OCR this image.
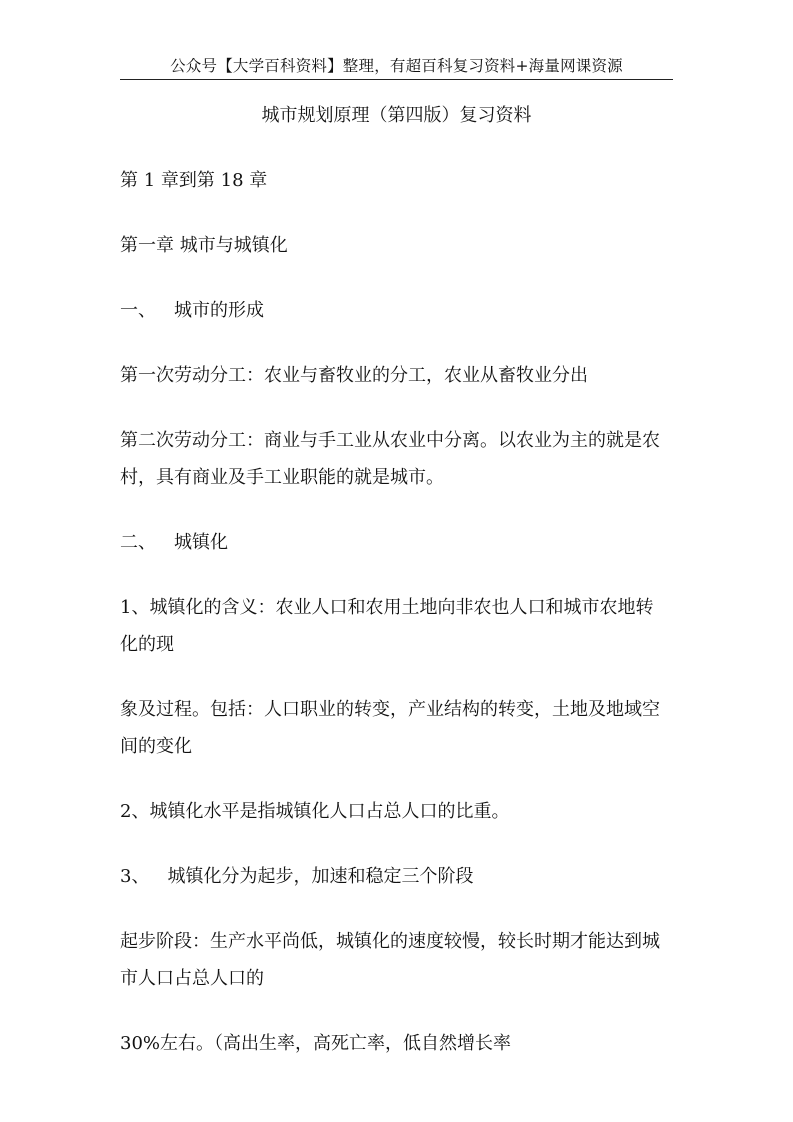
公众号【大学百科资料】整理，有超百科复习资料+海量网课资源
城市规划原理（第四版）复习资料

第 1 章到第 18 章

第一章 城市与城镇化

一、 城市的形成

第一次劳动分工：农业与畜牧业的分工，农业从畜牧业分出

第二次劳动分工：商业与手工业从农业中分离。以农业为主的就是农
村，具有商业及手工业职能的就是城市。

二、 城镇化

1、城镇化的含义：农业人口和农用土地向非农也人口和城市农地转
化的现

象及过程。包括：人口职业的转变，产业结构的转变，土地及地域空
间的变化

2、城镇化水平是指城镇化人口占总人口的比重。

3、 城镇化分为起步，加速和稳定三个阶段

起步阶段：生产水平尚低，城镇化的速度较慢，较长时期才能达到城
市人口占总人口的

30%左右。（高出生率，高死亡率，低自然增长率
